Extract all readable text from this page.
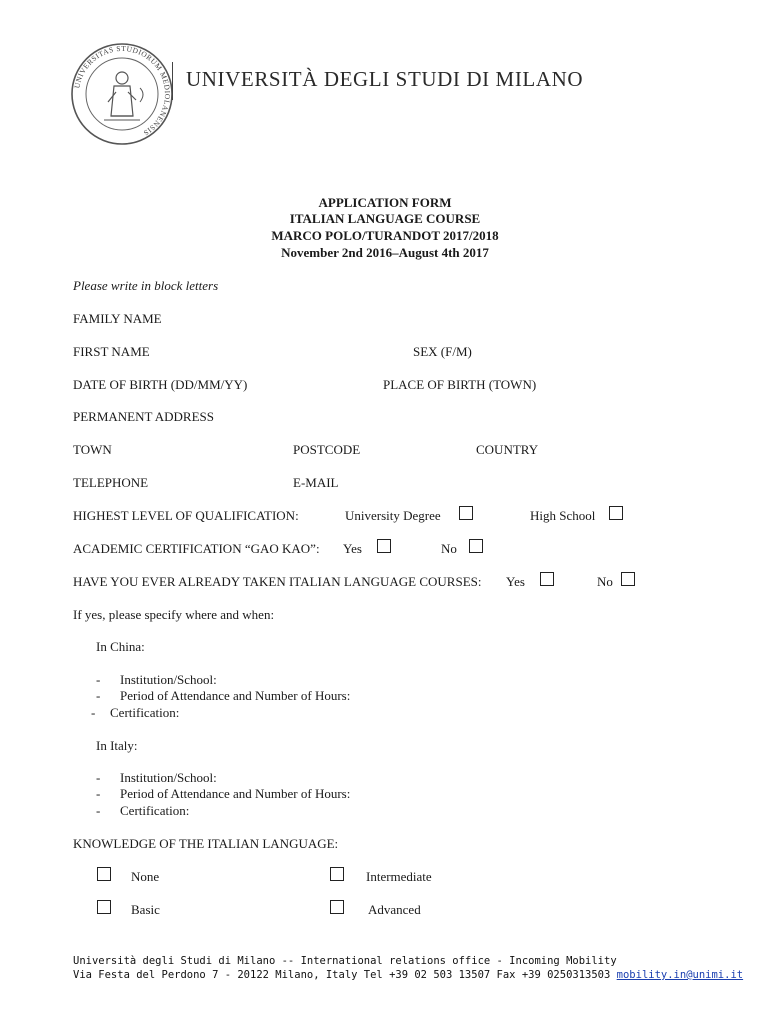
UNIVERSITAS STUDIORUM MEDIOLANENSIS
UNIVERSITÀ DEGLI STUDI DI MILANO
APPLICATION FORM
ITALIAN LANGUAGE COURSE
MARCO POLO/TURANDOT 2017/2018
November 2nd 2016–August 4th 2017
Please write in block letters
FAMILY NAME
FIRST NAME	SEX (F/M)
DATE OF BIRTH (DD/MM/YY)	PLACE OF BIRTH (TOWN)
PERMANENT ADDRESS
TOWN	POSTCODE	COUNTRY
TELEPHONE	E-MAIL
HIGHEST LEVEL OF QUALIFICATION:	University Degree	High School
ACADEMIC CERTIFICATION “GAO KAO”: Yes	No
HAVE YOU EVER ALREADY TAKEN ITALIAN LANGUAGE COURSES: Yes	No
If yes, please specify where and when:
In China:
- Institution/School:
- Period of Attendance and Number of Hours:
- Certification:
In Italy:
- Institution/School:
- Period of Attendance and Number of Hours:
- Certification:
KNOWLEDGE OF THE ITALIAN LANGUAGE:
None	Intermediate
Basic	Advanced
Università degli Studi di Milano -- International relations office - Incoming Mobility
Via Festa del Perdono 7 - 20122 Milano, Italy Tel +39 02 503 13507 Fax +39 0250313503 mobility.in@unimi.it
